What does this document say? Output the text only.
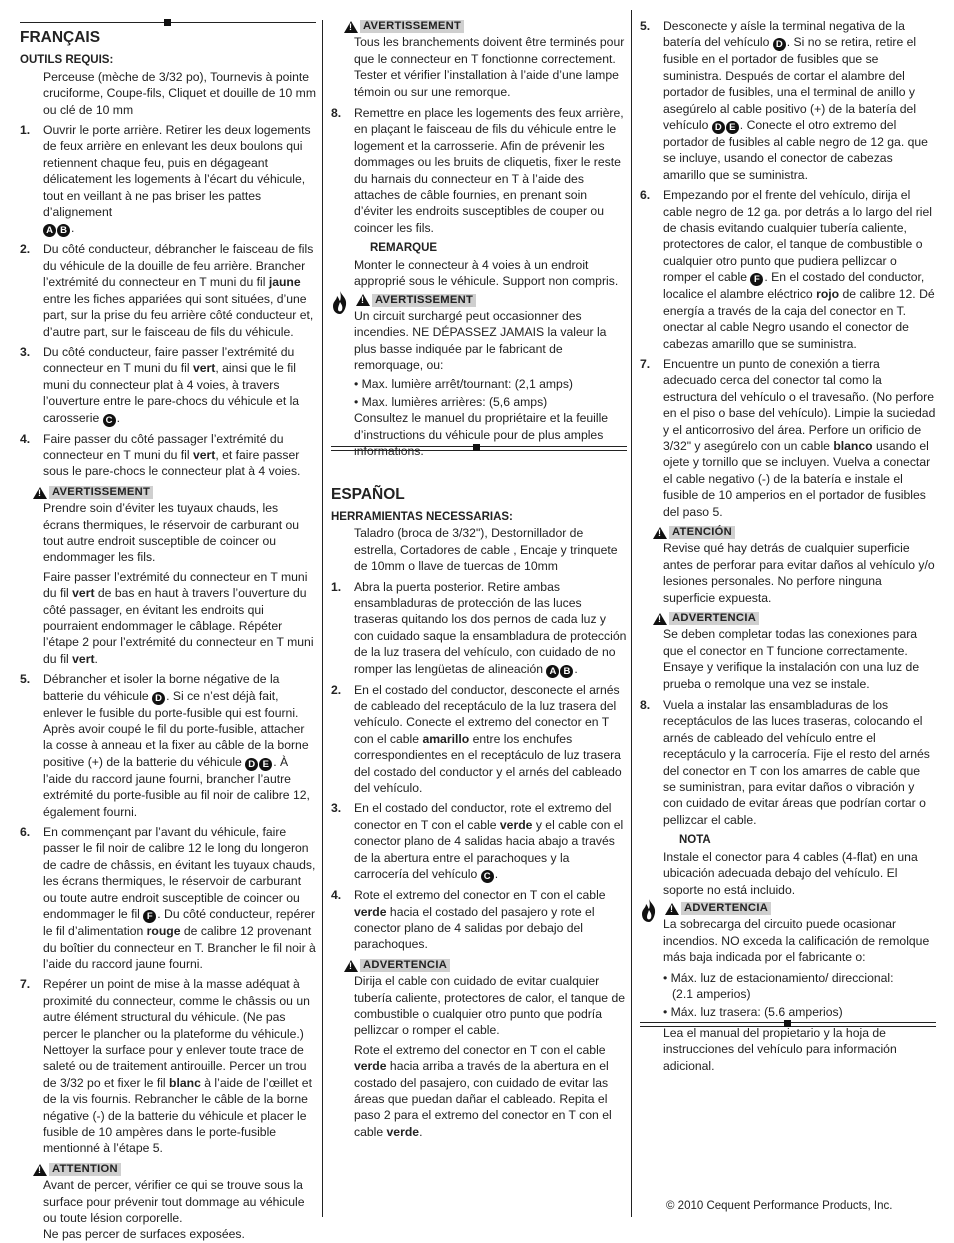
FRANÇAIS

OUTILS REQUIS:

Perceuse (mèche de 3/32 po), Tournevis à pointe cruciforme, Coupe-fils, Cliquet et douille de 10 mm ou clé de 10 mm

1. Ouvrir le porte arrière. Retirer les deux logements de feux arrière en enlevant les deux boulons qui retiennent chaque feu, puis en dégageant délicatement les logements à l’écart du véhicule, tout en veillant à ne pas briser les pattes d’alignement
A B .
2. Du côté conducteur, débrancher le faisceau de fils du véhicule de la douille de feu arrière. Brancher l’extrémité du connecteur en T muni du fil jaune entre les fiches appariées qui sont situées, d’une part, sur la prise du feu arrière côté conducteur et, d’autre part, sur le faisceau de fils du véhicule.
3. Du côté conducteur, faire passer l’extrémité du connecteur en T muni du fil vert, ainsi que le fil muni du connecteur plat à 4 voies, à travers l’ouverture entre le pare-chocs du véhicule et la carosserie C .
4. Faire passer du côté passager l’extrémité du connecteur en T muni du fil vert, et faire passer sous le pare-chocs le connecteur plat à 4 voies.
!AVERTISSEMENT

Prendre soin d’éviter les tuyaux chauds, les écrans thermiques, le réservoir de carburant ou tout autre endroit susceptible de coincer ou endommager les fils.

Faire passer l’extrémité du connecteur en T muni du fil vert de bas en haut à travers l’ouverture du côté passager, en évitant les endroits qui pourraient endommager le câblage. Répéter l’étape 2 pour l’extrémité du connecteur en T muni du fil vert.

5. Débrancher et isoler la borne négative de la batterie du véhicule D . Si ce n’est déjà fait, enlever le fusible du porte-fusible qui est fourni. Après avoir coupé le fil du porte-fusible, attacher la cosse à anneau et la fixer au câble de la borne positive (+) de la batterie du véhicule D E . À l’aide du raccord jaune fourni, brancher l’autre extrémité du porte-fusible au fil noir de calibre 12, également fourni.
6. En commençant par l’avant du véhicule, faire passer le fil noir de calibre 12 le long du longeron de cadre de châssis, en évitant les tuyaux chauds, les écrans thermiques, le réservoir de carburant ou toute autre endroit susceptible de coincer ou endommager le fil F . Du côté conducteur, repérer le fil d’alimentation rouge de calibre 12 provenant du boîtier du connecteur en T. Brancher le fil noir à l’aide du raccord jaune fourni.
7. Repérer un point de mise à la masse adéquat à proximité du connecteur, comme le châssis ou un autre élément structural du véhicule. (Ne pas percer le plancher ou la plateforme du véhicule.) Nettoyer la surface pour y enlever toute trace de saleté ou de traitement antirouille. Percer un trou de 3/32 po et fixer le fil blanc à l’aide de l’œillet et de la vis fournis. Rebrancher le câble de la borne négative (-) de la batterie du véhicule et placer le fusible de 10 ampères dans le porte-fusible mentionné à l’étape 5.
!ATTENTION

Avant de percer, vérifier ce qui se trouve sous la surface pour prévenir tout dommage au véhicule ou toute lésion corporelle.

Ne pas percer de surfaces exposées.

!AVERTISSEMENT

Tous les branchements doivent être terminés pour que le connecteur en T fonctionne correctement. Tester et vérifier l’installation à l’aide d’une lampe témoin ou sur une remorque.

8. Remettre en place les logements des feux arrière, en plaçant le faisceau de fils du véhicule entre le logement et la carrosserie. Afin de prévenir les dommages ou les bruits de cliquetis, fixer le reste du harnais du connecteur en T à l’aide des attaches de câble fournies, en prenant soin d’éviter les endroits susceptibles de couper ou coincer les fils.

REMARQUE

Monter le connecteur à 4 voies à un endroit approprié sous le véhicule. Support non compris.

!AVERTISSEMENT

Un circuit surchargé peut occasionner des incendies. NE DÉPASSEZ JAMAIS la valeur la plus basse indiquée par le fabricant de remorquage, ou:

• Max. lumière arrêt/tournant: (2,1 amps)

• Max. lumières arrières: (5,6 amps)

Consultez le manuel du propriétaire et la feuille d’instructions du véhicule pour de plus amples informations.

ESPAÑOL

HERRAMIENTAS NECESSARIAS:

Taladro (broca de 3/32"), Destornillador de estrella, Cortadores de cable , Encaje y trinquete de 10mm o llave de tuercas de 10mm

1. Abra la puerta posterior. Retire ambas ensambladuras de protección de las luces traseras quitando los dos pernos de cada luz y con cuidado saque la ensambladura de protección de la luz trasera del vehículo, con cuidado de no romper las lengüetas de alineación A B .
2. En el costado del conductor, desconecte el arnés de cableado del receptáculo de la luz trasera del vehículo. Conecte el extremo del conector en T con el cable amarillo entre los enchufes correspondientes en el receptáculo de luz trasera del costado del conductor y el arnés del cableado del vehículo.
3. En el costado del conductor, rote el extremo del conector en T con el cable verde y el cable con el conector plano de 4 salidas hacia abajo a través de la abertura entre el parachoques y la carrocería del vehículo C .
4. Rote el extremo del conector en T con el cable verde hacia el costado del pasajero y rote el conector plano de 4 salidas por debajo del parachoques.
!ADVERTENCIA

Dirija el cable con cuidado de evitar cualquier tubería caliente, protectores de calor, el tanque de combustible o cualquier otro punto que podría pellizcar o romper el cable.

Rote el extremo del conector en T con el cable verde hacia arriba a través de la abertura en el costado del pasajero, con cuidado de evitar las áreas que puedan dañar el cableado. Repita el paso 2 para el extremo del conector en T con el cable verde.

5. Desconecte y aísle la terminal negativa de la batería del vehículo D . Si no se retira, retire el fusible en el portador de fusibles que se suministra. Después de cortar el alambre del portador de fusibles, una el terminal de anillo y asegúrelo al cable positivo (+) de la batería del vehículo D E . Conecte el otro extremo del portador de fusibles al cable negro de 12 ga. que se incluye, usando el conector de cabezas amarillo que se suministra.
6. Empezando por el frente del vehículo, dirija el cable negro de 12 ga. por detrás a lo largo del riel de chasis evitando cualquier tubería caliente, protectores de calor, el tanque de combustible o cualquier otro punto que pudiera pellizcar o romper el cable F . En el costado del conductor, localice el alambre eléctrico rojo de calibre 12. Dé energía a través de la caja del conector en T. onectar al cable Negro usando el conector de cabezas amarillo que se suministra.
7. Encuentre un punto de conexión a tierra adecuado cerca del conector tal como la estructura del vehículo o el travesaño. (No perfore en el piso o base del vehículo). Limpie la suciedad y el anticorrosivo del área. Perfore un orificio de 3/32" y asegúrelo con un cable blanco usando el ojete y tornillo que se incluyen. Vuelva a conectar el cable negativo (-) de la batería e instale el fusible de 10 amperios en el portador de fusibles del paso 5.
!ATENCIÓN

Revise qué hay detrás de cualquier superficie antes de perforar para evitar daños al vehículo y/o lesiones personales. No perfore ninguna superficie expuesta.

!ADVERTENCIA

Se deben completar todas las conexiones para que el conector en T funcione correctamente. Ensaye y verifique la instalación con una luz de prueba o remolque una vez se instale.

8. Vuela a instalar las ensambladuras de los receptáculos de las luces traseras, colocando el arnés de cableado del vehículo entre el receptáculo y la carrocería. Fije el resto del arnés del conector en T con los amarres de cable que se suministran, para evitar daños o vibración y con cuidado de evitar áreas que podrían cortar o pellizcar el cable.

NOTA

Instale el conector para 4 cables (4-flat) en una ubicación adecuada debajo del vehículo. El soporte no está incluido.

!ADVERTENCIA

La sobrecarga del circuito puede ocasionar incendios. NO exceda la calificación de remolque más baja indicada por el fabricante o:

• Máx. luz de estacionamiento/ direccional:

(2.1 amperios)

• Máx. luz trasera: (5.6 amperios)

Lea el manual del propietario y la hoja de instrucciones del vehículo para información adicional.

© 2010 Cequent Performance Products, Inc.
